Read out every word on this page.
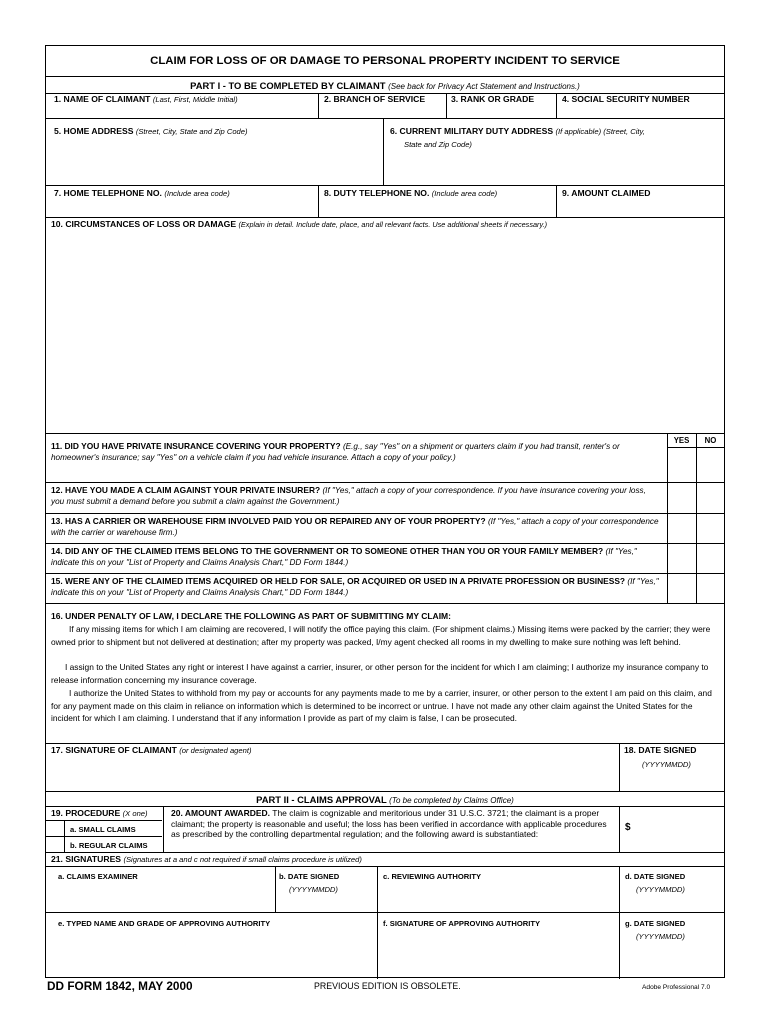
CLAIM FOR LOSS OF OR DAMAGE TO PERSONAL PROPERTY INCIDENT TO SERVICE
PART I - TO BE COMPLETED BY CLAIMANT (See back for Privacy Act Statement and Instructions.)
1. NAME OF CLAIMANT (Last, First, Middle Initial)	2. BRANCH OF SERVICE	3. RANK OR GRADE	4. SOCIAL SECURITY NUMBER
5. HOME ADDRESS (Street, City, State and Zip Code)	6. CURRENT MILITARY DUTY ADDRESS (If applicable) (Street, City,
State and Zip Code)
7. HOME TELEPHONE NO. (Include area code)	8. DUTY TELEPHONE NO. (Include area code)	9. AMOUNT CLAIMED
10. CIRCUMSTANCES OF LOSS OR DAMAGE (Explain in detail. Include date, place, and all relevant facts. Use additional sheets if necessary.)
YES	NO
11. DID YOU HAVE PRIVATE INSURANCE COVERING YOUR PROPERTY? (E.g., say "Yes" on a shipment or quarters claim if you had transit, renter's or homeowner's insurance; say "Yes" on a vehicle claim if you had vehicle insurance. Attach a copy of your policy.)
12. HAVE YOU MADE A CLAIM AGAINST YOUR PRIVATE INSURER? (If "Yes," attach a copy of your correspondence. If you have insurance covering your loss, you must submit a demand before you submit a claim against the Government.)
13. HAS A CARRIER OR WAREHOUSE FIRM INVOLVED PAID YOU OR REPAIRED ANY OF YOUR PROPERTY? (If "Yes," attach a copy of your correspondence with the carrier or warehouse firm.)
14. DID ANY OF THE CLAIMED ITEMS BELONG TO THE GOVERNMENT OR TO SOMEONE OTHER THAN YOU OR YOUR FAMILY MEMBER? (If "Yes," indicate this on your "List of Property and Claims Analysis Chart," DD Form 1844.)
15. WERE ANY OF THE CLAIMED ITEMS ACQUIRED OR HELD FOR SALE, OR ACQUIRED OR USED IN A PRIVATE PROFESSION OR BUSINESS? (If "Yes," indicate this on your "List of Property and Claims Analysis Chart," DD Form 1844.)
16. UNDER PENALTY OF LAW, I DECLARE THE FOLLOWING AS PART OF SUBMITTING MY CLAIM:
If any missing items for which I am claiming are recovered, I will notify the office paying this claim. (For shipment claims.) Missing items were packed by the carrier; they were owned prior to shipment but not delivered at destination; after my property was packed, I/my agent checked all rooms in my dwelling to make sure nothing was left behind.
I assign to the United States any right or interest I have against a carrier, insurer, or other person for the incident for which I am claiming; I authorize my insurance company to release information concerning my insurance coverage.
I authorize the United States to withhold from my pay or accounts for any payments made to me by a carrier, insurer, or other person to the extent I am paid on this claim, and for any payment made on this claim in reliance on information which is determined to be incorrect or untrue. I have not made any other claim against the United States for the incident for which I am claiming. I understand that if any information I provide as part of my claim is false, I can be prosecuted.
17. SIGNATURE OF CLAIMANT (or designated agent)	18. DATE SIGNED
(YYYYMMDD)
PART II - CLAIMS APPROVAL (To be completed by Claims Office)
19. PROCEDURE (X one)
a. SMALL CLAIMS
b. REGULAR CLAIMS
20. AMOUNT AWARDED. The claim is cognizable and meritorious under 31 U.S.C. 3721; the claimant is a proper claimant; the property is reasonable and useful; the loss has been verified in accordance with applicable procedures as prescribed by the controlling departmental regulation; and the following award is substantiated:
$
21. SIGNATURES (Signatures at a and c not required if small claims procedure is utilized)
a. CLAIMS EXAMINER	b. DATE SIGNED
(YYYYMMDD)
c. REVIEWING AUTHORITY	d. DATE SIGNED
(YYYYMMDD)
e. TYPED NAME AND GRADE OF APPROVING AUTHORITY	f. SIGNATURE OF APPROVING AUTHORITY	g. DATE SIGNED
(YYYYMMDD)
DD FORM 1842, MAY 2000	PREVIOUS EDITION IS OBSOLETE.	Adobe Professional 7.0
